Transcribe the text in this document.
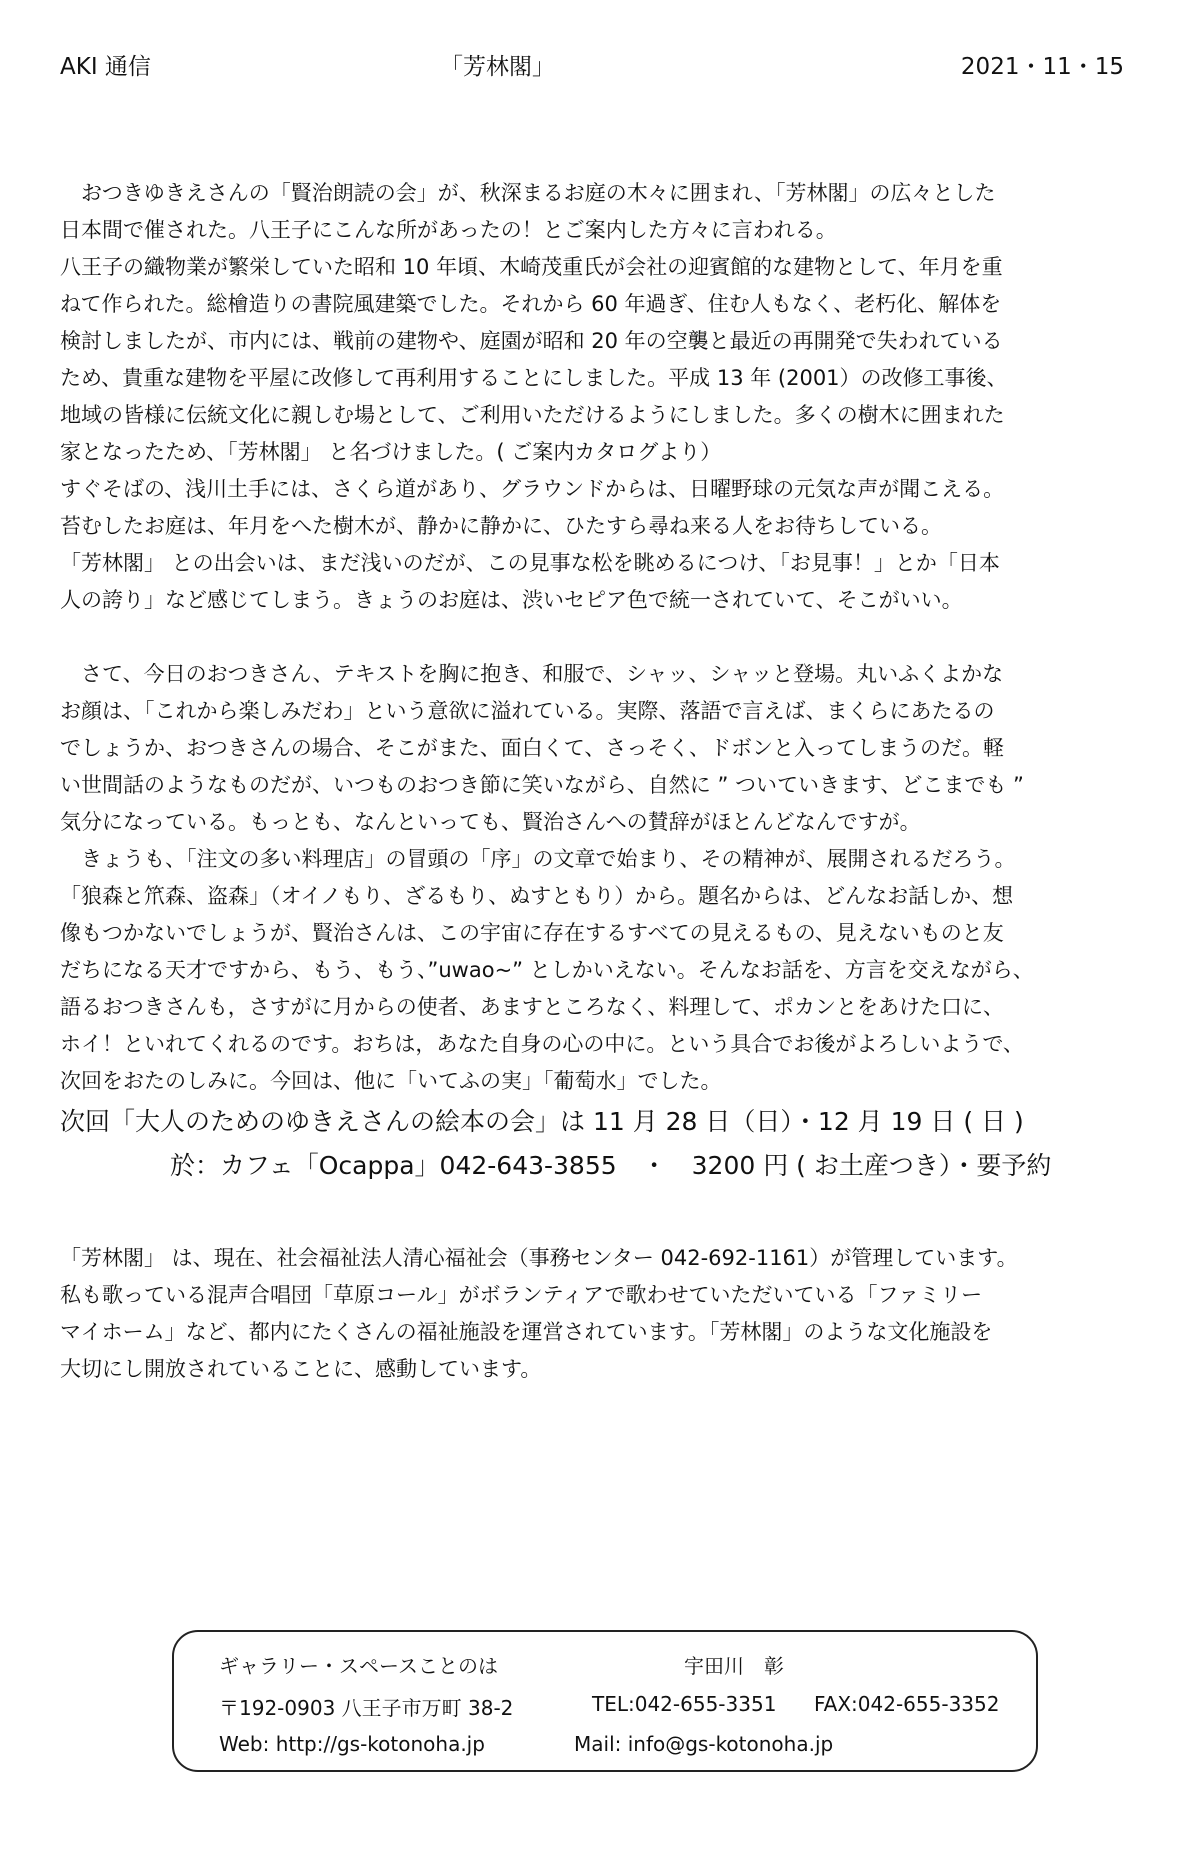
AKI 通信	「芳林閣」	2021・11・15
　おつきゆきえさんの「賢治朗読の会」が、秋深まるお庭の木々に囲まれ、「芳林閣」の広々とした
日本間で催された。八王子にこんな所があったの！とご案内した方々に言われる。
八王子の織物業が繁栄していた昭和 10 年頃、木崎茂重氏が会社の迎賓館的な建物として、年月を重
ねて作られた。総檜造りの書院風建築でした。それから 60 年過ぎ、住む人もなく、老朽化、解体を
検討しましたが、市内には、戦前の建物や、庭園が昭和 20 年の空襲と最近の再開発で失われている
ため、貴重な建物を平屋に改修して再利用することにしました。平成 13 年 (2001）の改修工事後、
地域の皆様に伝統文化に親しむ場として、ご利用いただけるようにしました。多くの樹木に囲まれた
家となったため、「芳林閣」 と名づけました。( ご案内カタログより）
すぐそばの、浅川土手には、さくら道があり、グラウンドからは、日曜野球の元気な声が聞こえる。
苔むしたお庭は、年月をへた樹木が、静かに静かに、ひたすら尋ね来る人をお待ちしている。
「芳林閣」 との出会いは、まだ浅いのだが、この見事な松を眺めるにつけ、「お見事！」とか「日本
人の誇り」など感じてしまう。きょうのお庭は、渋いセピア色で統一されていて、そこがいい。
　さて、今日のおつきさん、テキストを胸に抱き、和服で、シャッ、シャッと登場。丸いふくよかな
お顔は、「これから楽しみだわ」という意欲に溢れている。実際、落語で言えば、まくらにあたるの
でしょうか、おつきさんの場合、そこがまた、面白くて、さっそく、ドボンと入ってしまうのだ。軽
い世間話のようなものだが、いつものおつき節に笑いながら、自然に ” ついていきます、どこまでも ”
気分になっている。もっとも、なんといっても、賢治さんへの賛辞がほとんどなんですが。
　きょうも、「注文の多い料理店」の冒頭の「序」の文章で始まり、その精神が、展開されるだろう。
「狼森と笊森、盗森」（オイノもり、ざるもり、ぬすともり）から。題名からは、どんなお話しか、想
像もつかないでしょうが、賢治さんは、この宇宙に存在するすべての見えるもの、見えないものと友
だちになる天才ですから、もう、もう、”uwao~” としかいえない。そんなお話を、方言を交えながら、
語るおつきさんも，さすがに月からの使者、あますところなく、料理して、ポカンとをあけた口に、
ホイ！といれてくれるのです。おちは，あなた自身の心の中に。という具合でお後がよろしいようで、
次回をおたのしみに。今回は、他に「いてふの実」「葡萄水」でした。
次回「大人のためのゆきえさんの絵本の会」は 11 月 28 日（日）・12 月 19 日 ( 日 )
於：カフェ「Ocappa」042-643-3855　・　3200 円 ( お土産つき）・要予約
「芳林閣」 は、現在、社会福祉法人清心福祉会（事務センター 042-692-1161）が管理しています。
私も歌っている混声合唱団「草原コール」がボランティアで歌わせていただいている「ファミリー
マイホーム」など、都内にたくさんの福祉施設を運営されています。「芳林閣」のような文化施設を
大切にし開放されていることに、感動しています。
ギャラリー・スペースことのは	宇田川　彰
〒192-0903 八王子市万町 38-2	TEL:042-655-3351 FAX:042-655-3352
Web: http://gs-kotonoha.jp	Mail: info@gs-kotonoha.jp
